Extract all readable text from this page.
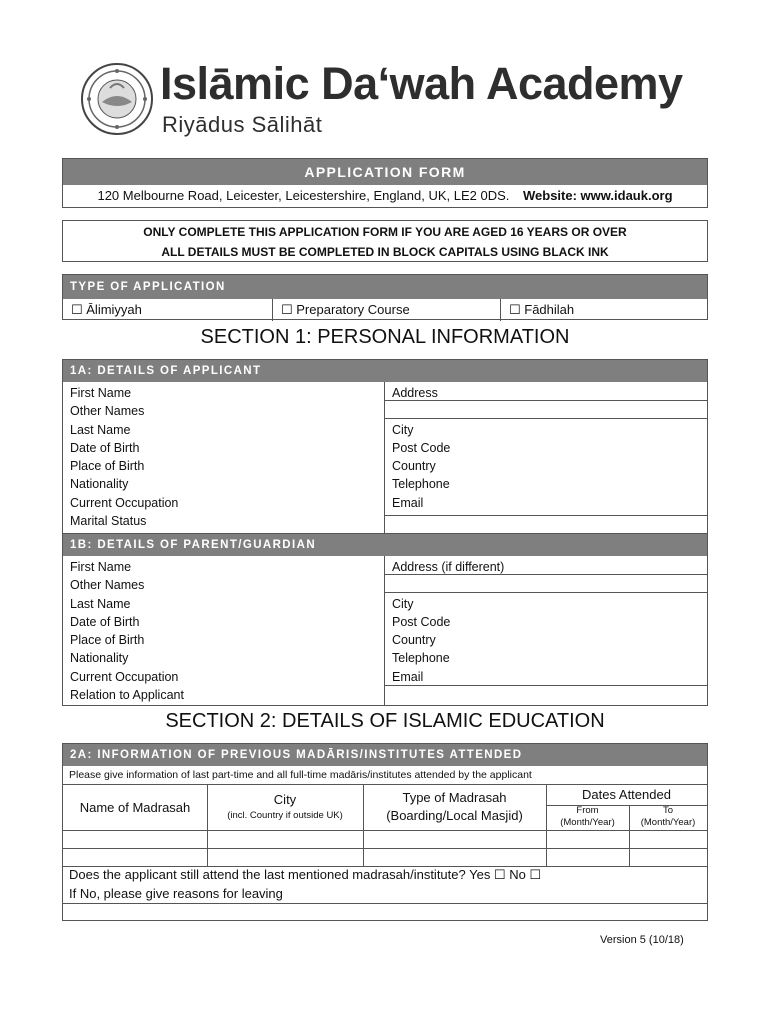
Islāmic Da‘wah Academy
Riyādus Sālihāt
APPLICATION FORM
120 Melbourne Road, Leicester, Leicestershire, England, UK, LE2 0DS. Website: www.idauk.org
ONLY COMPLETE THIS APPLICATION FORM IF YOU ARE AGED 16 YEARS OR OVER
ALL DETAILS MUST BE COMPLETED IN BLOCK CAPITALS USING BLACK INK
TYPE OF APPLICATION
☐ Ālimiyyah	☐ Preparatory Course	☐ Fādhilah
SECTION 1: PERSONAL INFORMATION
1A: DETAILS OF APPLICANT
First Name
Other Names
Last Name
Date of Birth
Place of Birth
Nationality
Current Occupation
Marital Status
Address
City
Post Code
Country
Telephone
Email
1B: DETAILS OF PARENT/GUARDIAN
First Name
Other Names
Last Name
Date of Birth
Place of Birth
Nationality
Current Occupation
Relation to Applicant
Address (if different)
City
Post Code
Country
Telephone
Email
SECTION 2: DETAILS OF ISLAMIC EDUCATION
2A: INFORMATION OF PREVIOUS MADĀRIS/INSTITUTES ATTENDED
Please give information of last part-time and all full-time madāris/institutes attended by the applicant
Name of Madrasah
City
(incl. Country if outside UK)
Type of Madrasah
(Boarding/Local Masjid)
Dates Attended
From
(Month/Year)
To
(Month/Year)
Does the applicant still attend the last mentioned madrasah/institute? Yes ☐ No ☐
If No, please give reasons for leaving
Version 5 (10/18)
